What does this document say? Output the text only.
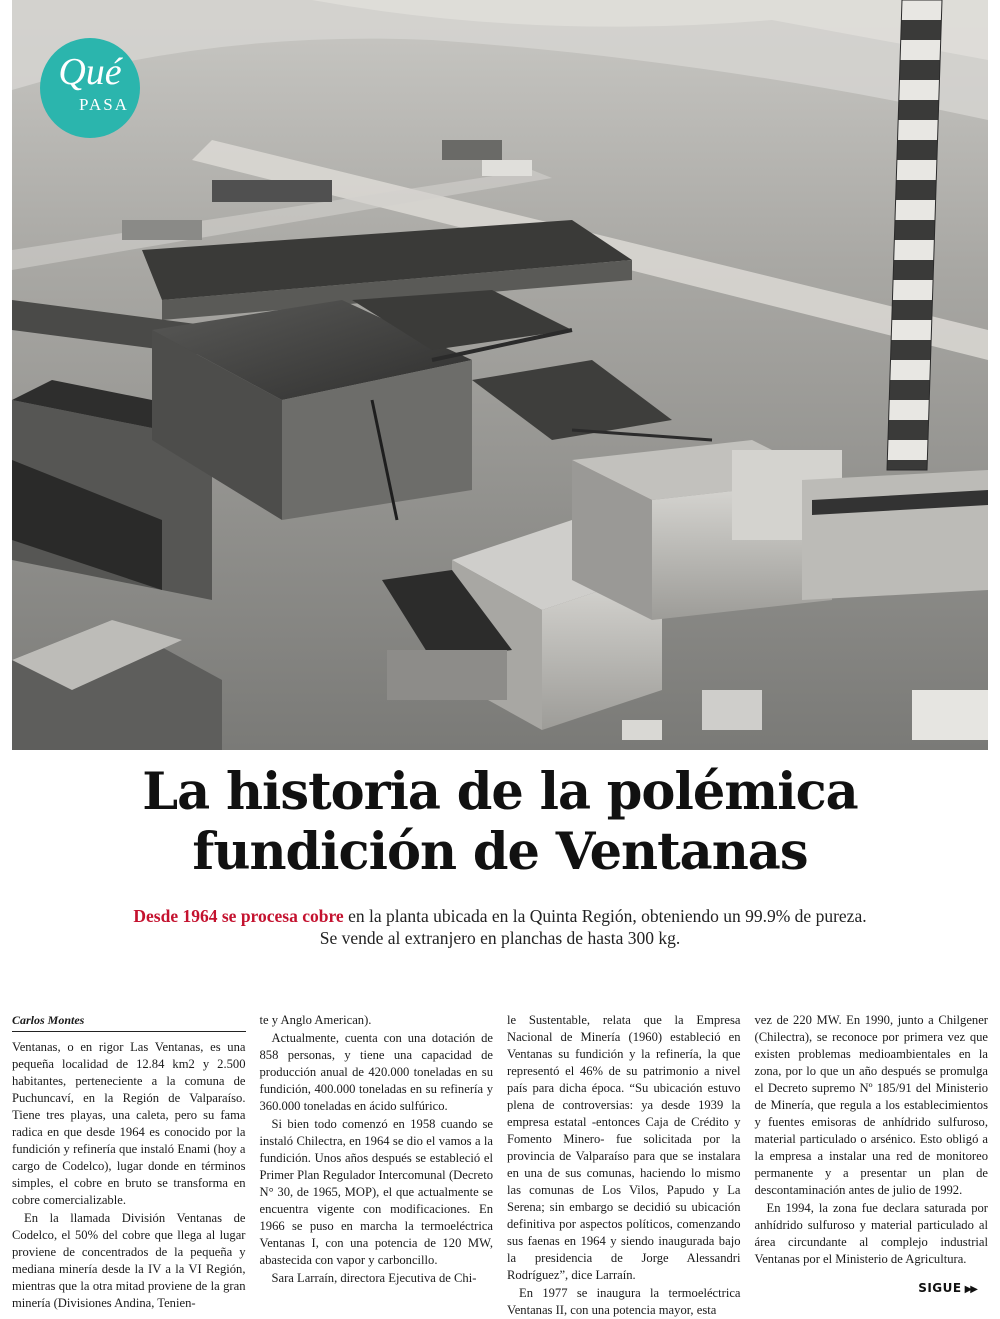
Qué
PASA
La historia de la polémica
fundición de Ventanas
Desde 1964 se procesa cobre en la planta ubicada en la Quinta Región, obteniendo un 99.9% de pureza.
Se vende al extranjero en planchas de hasta 300 kg.
Carlos Montes

Ventanas, o en rigor Las Ventanas, es una pequeña localidad de 12.84 km2 y 2.500 habitantes, perteneciente a la comuna de Puchuncaví, en la Región de Valparaíso. Tiene tres playas, una caleta, pero su fama radica en que desde 1964 es conocido por la fundición y refinería que instaló Enami (hoy a cargo de Codelco), lugar donde en términos simples, el cobre en bruto se transforma en cobre comercializable.

En la llamada División Ventanas de Codelco, el 50% del cobre que llega al lugar proviene de concentrados de la pequeña y mediana minería desde la IV a la VI Región, mientras que la otra mitad proviene de la gran minería (Divisiones Andina, Tenien-

te y Anglo American).

Actualmente, cuenta con una dotación de 858 personas, y tiene una capacidad de producción anual de 420.000 toneladas en su fundición, 400.000 toneladas en su refinería y 360.000 toneladas en ácido sulfúrico.

Si bien todo comenzó en 1958 cuando se instaló Chilectra, en 1964 se dio el vamos a la fundición. Unos años después se estableció el Primer Plan Regulador Intercomunal (Decreto N° 30, de 1965, MOP), el que actualmente se encuentra vigente con modificaciones. En 1966 se puso en marcha la termoeléctrica Ventanas I, con una potencia de 120 MW, abastecida con vapor y carboncillo.

Sara Larraín, directora Ejecutiva de Chi-

le Sustentable, relata que la Empresa Nacional de Minería (1960) estableció en Ventanas su fundición y la refinería, la que representó el 46% de su patrimonio a nivel país para dicha época. “Su ubicación estuvo plena de controversias: ya desde 1939 la empresa estatal -entonces Caja de Crédito y Fomento Minero- fue solicitada por la provincia de Valparaíso para que se instalara en una de sus comunas, haciendo lo mismo las comunas de Los Vilos, Papudo y La Serena; sin embargo se decidió su ubicación definitiva por aspectos políticos, comenzando sus faenas en 1964 y siendo inaugurada bajo la presidencia de Jorge Alessandri Rodríguez”, dice Larraín.

En 1977 se inaugura la termoeléctrica Ventanas II, con una potencia mayor, esta

vez de 220 MW. En 1990, junto a Chilgener (Chilectra), se reconoce por primera vez que existen problemas medioambientales en la zona, por lo que un año después se promulga el Decreto supremo Nº 185/91 del Ministerio de Minería, que regula a los establecimientos y fuentes emisoras de anhídrido sulfuroso, material particulado o arsénico. Esto obligó a la empresa a instalar una red de monitoreo permanente y a presentar un plan de descontaminación antes de julio de 1992.

En 1994, la zona fue declara saturada por anhídrido sulfuroso y material particulado al área circundante al complejo industrial Ventanas por el Ministerio de Agricultura.

SIGUE ▶▶
